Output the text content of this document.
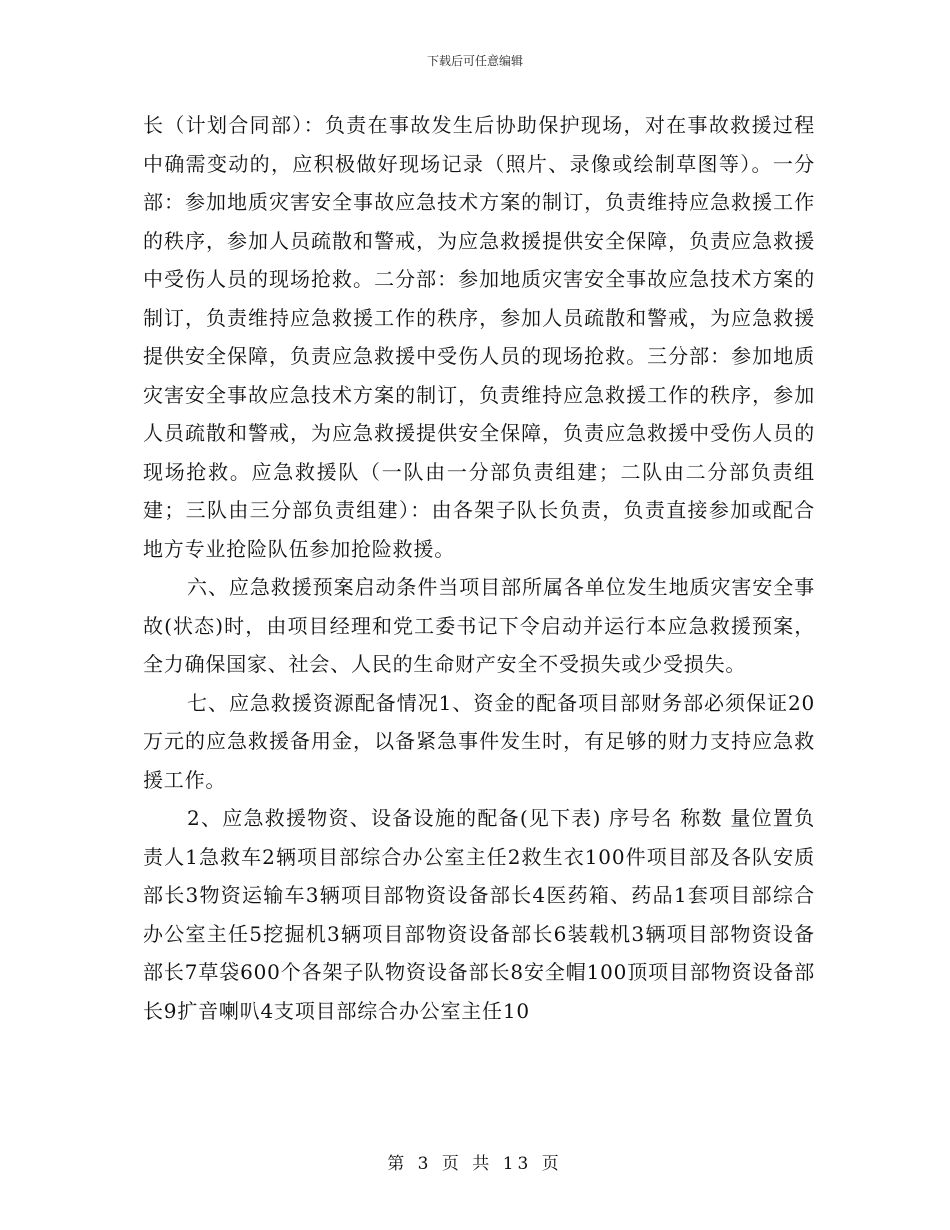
下载后可任意编辑

长（计划合同部）：负责在事故发生后协助保护现场，对在事故救援过程中确需变动的，应积极做好现场记录（照片、录像或绘制草图等）。一分部：参加地质灾害安全事故应急技术方案的制订，负责维持应急救援工作的秩序，参加人员疏散和警戒，为应急救援提供安全保障，负责应急救援中受伤人员的现场抢救。二分部：参加地质灾害安全事故应急技术方案的制订，负责维持应急救援工作的秩序，参加人员疏散和警戒，为应急救援提供安全保障，负责应急救援中受伤人员的现场抢救。三分部：参加地质灾害安全事故应急技术方案的制订，负责维持应急救援工作的秩序，参加人员疏散和警戒，为应急救援提供安全保障，负责应急救援中受伤人员的现场抢救。应急救援队（一队由一分部负责组建；二队由二分部负责组建；三队由三分部负责组建）：由各架子队长负责，负责直接参加或配合地方专业抢险队伍参加抢险救援。

六、应急救援预案启动条件当项目部所属各单位发生地质灾害安全事故(状态)时，由项目经理和党工委书记下令启动并运行本应急救援预案，全力确保国家、社会、人民的生命财产安全不受损失或少受损失。

七、应急救援资源配备情况1、资金的配备项目部财务部必须保证20万元的应急救援备用金，以备紧急事件发生时，有足够的财力支持应急救援工作。

2、应急救援物资、设备设施的配备(见下表) 序号名 称数 量位置负责人1急救车2辆项目部综合办公室主任2救生衣100件项目部及各队安质部长3物资运输车3辆项目部物资设备部长4医药箱、药品1套项目部综合办公室主任5挖掘机3辆项目部物资设备部长6装载机3辆项目部物资设备部长7草袋600个各架子队物资设备部长8安全帽100顶项目部物资设备部长9扩音喇叭4支项目部综合办公室主任10

第 3 页 共 13 页
